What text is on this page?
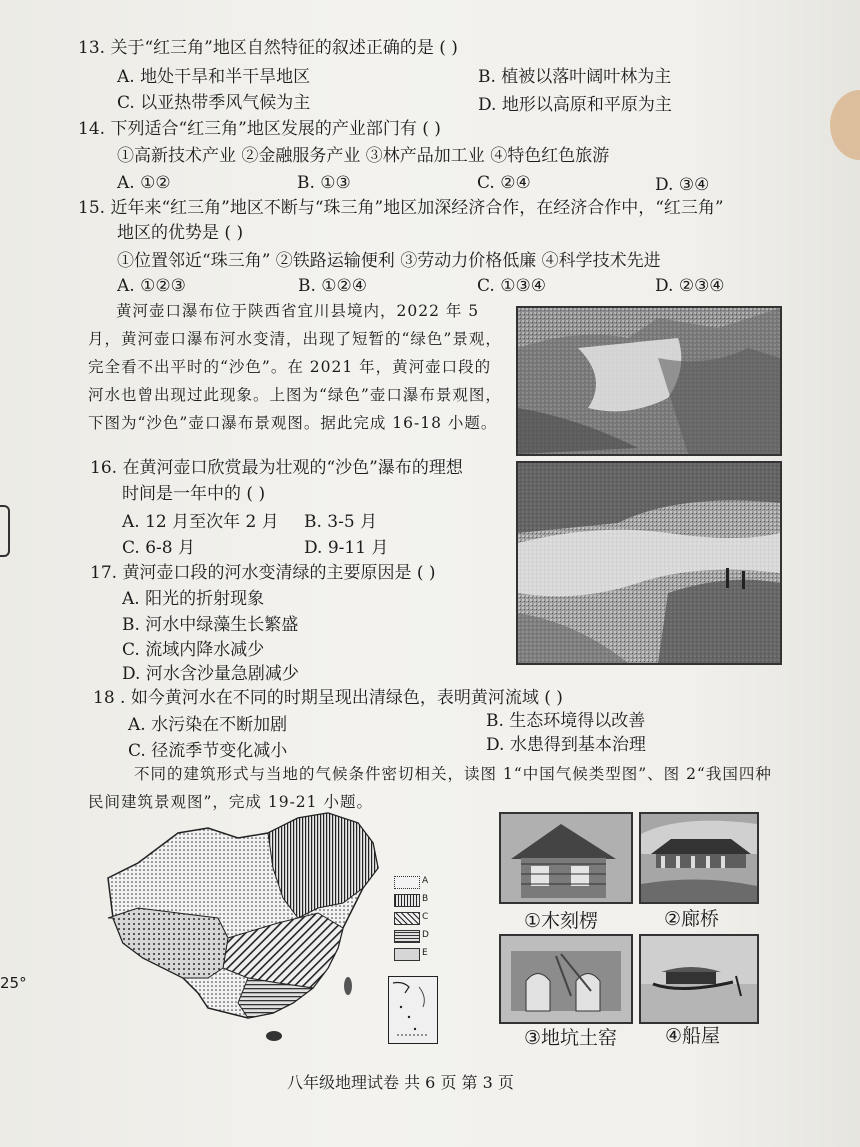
13. 关于“红三角”地区自然特征的叙述正确的是 ( )
A. 地处干旱和半干旱地区	B. 植被以落叶阔叶林为主
C. 以亚热带季风气候为主	D. 地形以高原和平原为主
14. 下列适合“红三角”地区发展的产业部门有 ( )
①高新技术产业 ②金融服务产业 ③林产品加工业 ④特色红色旅游
A. ①②	B. ①③	C. ②④	D. ③④
15. 近年来“红三角”地区不断与“珠三角”地区加深经济合作，在经济合作中，“红三角”
地区的优势是 ( )
①位置邻近“珠三角” ②铁路运输便利 ③劳动力价格低廉 ④科学技术先进
A. ①②③	B. ①②④	C. ①③④	D. ②③④
黄河壶口瀑布位于陕西省宜川县境内，2022 年 5 月，黄河壶口瀑布河水变清，出现了短暂的“绿色”景观，完全看不出平时的“沙色”。在 2021 年，黄河壶口段的河水也曾出现过此现象。上图为“绿色”壶口瀑布景观图，下图为“沙色”壶口瀑布景观图。据此完成 16-18 小题。
16. 在黄河壶口欣赏最为壮观的“沙色”瀑布的理想
时间是一年中的 ( )
A. 12 月至次年 2 月 B. 3-5 月
C. 6-8 月	D. 9-11 月
17. 黄河壶口段的河水变清绿的主要原因是 ( )
A. 阳光的折射现象
B. 河水中绿藻生长繁盛
C. 流域内降水减少
D. 河水含沙量急剧减少
18 . 如今黄河水在不同的时期呈现出清绿色，表明黄河流域 ( )
A. 水污染在不断加剧	B. 生态环境得以改善
C. 径流季节变化减小	D. 水患得到基本治理
不同的建筑形式与当地的气候条件密切相关，读图 1“中国气候类型图”、图 2“我国四种民间建筑景观图”，完成 19-21 小题。
A
B
C
D
E
①木刻楞	②廊桥
③地坑土窑	④船屋
25°
八年级地理试卷 共 6 页 第 3 页
